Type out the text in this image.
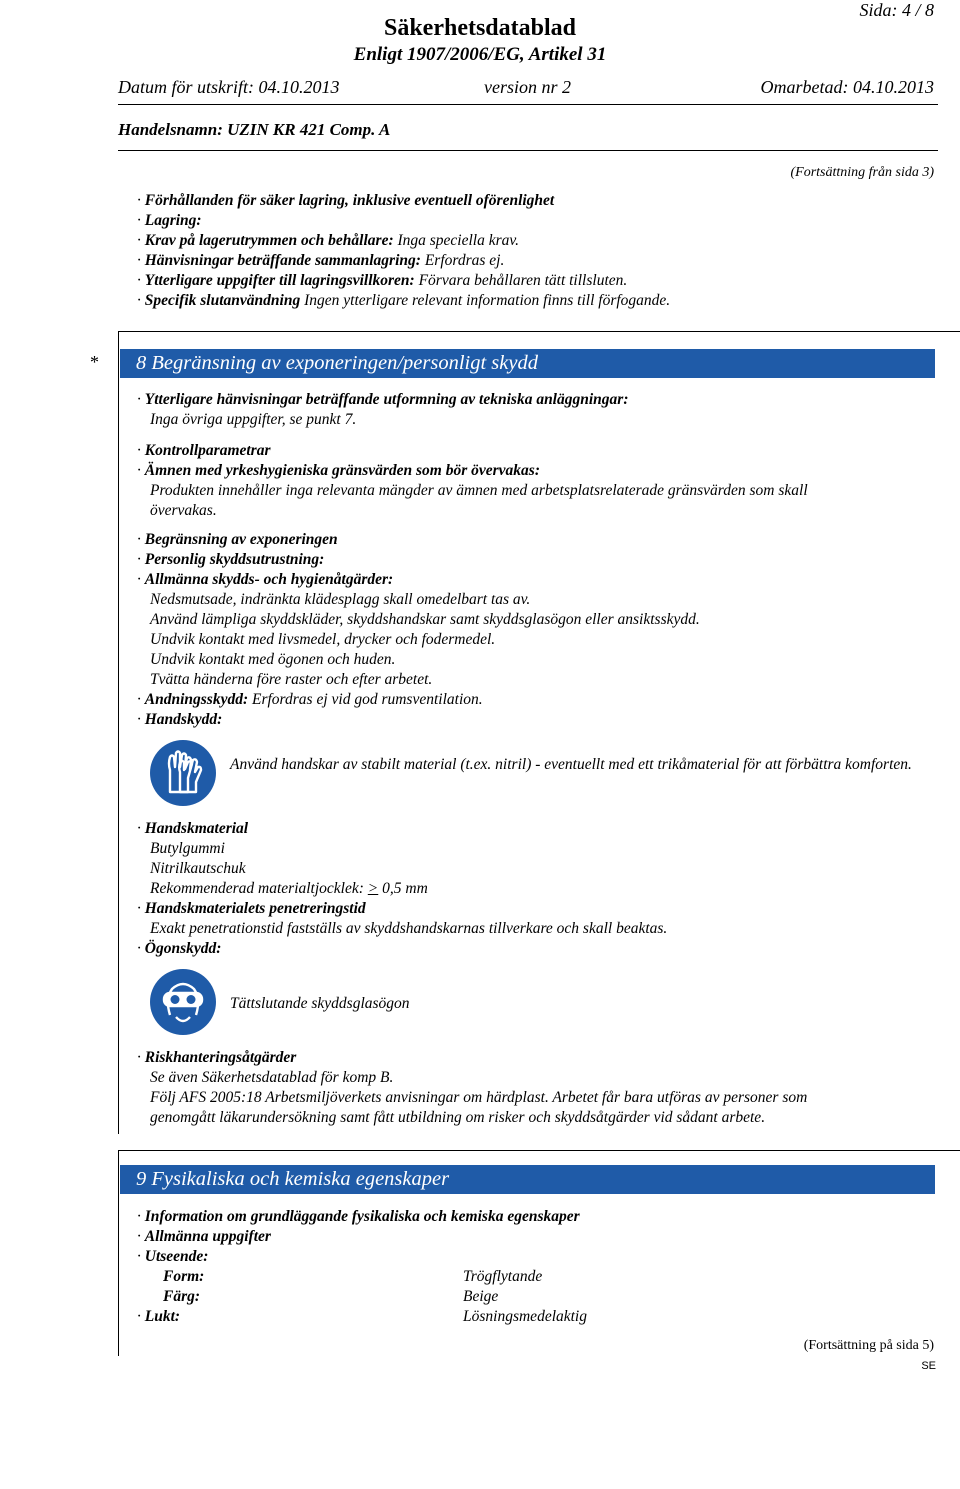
Sida: 4 / 8
Säkerhetsdatablad
Enligt 1907/2006/EG, Artikel 31
Datum för utskrift: 04.10.2013	version nr 2	Omarbetad: 04.10.2013
Handelsnamn: UZIN KR 421 Comp. A
(Fortsättning från sida 3)
· Förhållanden för säker lagring, inklusive eventuell oförenlighet
· Lagring:
· Krav på lagerutrymmen och behållare: Inga speciella krav.
· Hänvisningar beträffande sammanlagring: Erfordras ej.
· Ytterligare uppgifter till lagringsvillkoren: Förvara behållaren tätt tillsluten.
· Specifik slutanvändning Ingen ytterligare relevant information finns till förfogande.
*	8 Begränsning av exponeringen/personligt skydd
· Ytterligare hänvisningar beträffande utformning av tekniska anläggningar:
Inga övriga uppgifter, se punkt 7.
· Kontrollparametrar
· Ämnen med yrkeshygieniska gränsvärden som bör övervakas:
Produkten innehåller inga relevanta mängder av ämnen med arbetsplatsrelaterade gränsvärden som skall
övervakas.
· Begränsning av exponeringen
· Personlig skyddsutrustning:
· Allmänna skydds- och hygienåtgärder:
Nedsmutsade, indränkta klädesplagg skall omedelbart tas av.
Använd lämpliga skyddskläder, skyddshandskar samt skyddsglasögon eller ansiktsskydd.
Undvik kontakt med livsmedel, drycker och fodermedel.
Undvik kontakt med ögonen och huden.
Tvätta händerna före raster och efter arbetet.
· Andningsskydd: Erfordras ej vid god rumsventilation.
· Handskydd:
Använd handskar av stabilt material (t.ex. nitril) - eventuellt med ett trikåmaterial för att förbättra komforten.
· Handskmaterial
Butylgummi
Nitrilkautschuk
Rekommenderad materialtjocklek: > 0,5 mm
· Handskmaterialets penetreringstid
Exakt penetrationstid fastställs av skyddshandskarnas tillverkare och skall beaktas.
· Ögonskydd:
Tättslutande skyddsglasögon
· Riskhanteringsåtgärder
Se även Säkerhetsdatablad för komp B.
Följ AFS 2005:18 Arbetsmiljöverkets anvisningar om härdplast. Arbetet får bara utföras av personer som
genomgått läkarundersökning samt fått utbildning om risker och skyddsåtgärder vid sådant arbete.
9 Fysikaliska och kemiska egenskaper
· Information om grundläggande fysikaliska och kemiska egenskaper
· Allmänna uppgifter
· Utseende:
Form:	Trögflytande
Färg:	Beige
· Lukt:	Lösningsmedelaktig
(Fortsättning på sida 5)
SE
